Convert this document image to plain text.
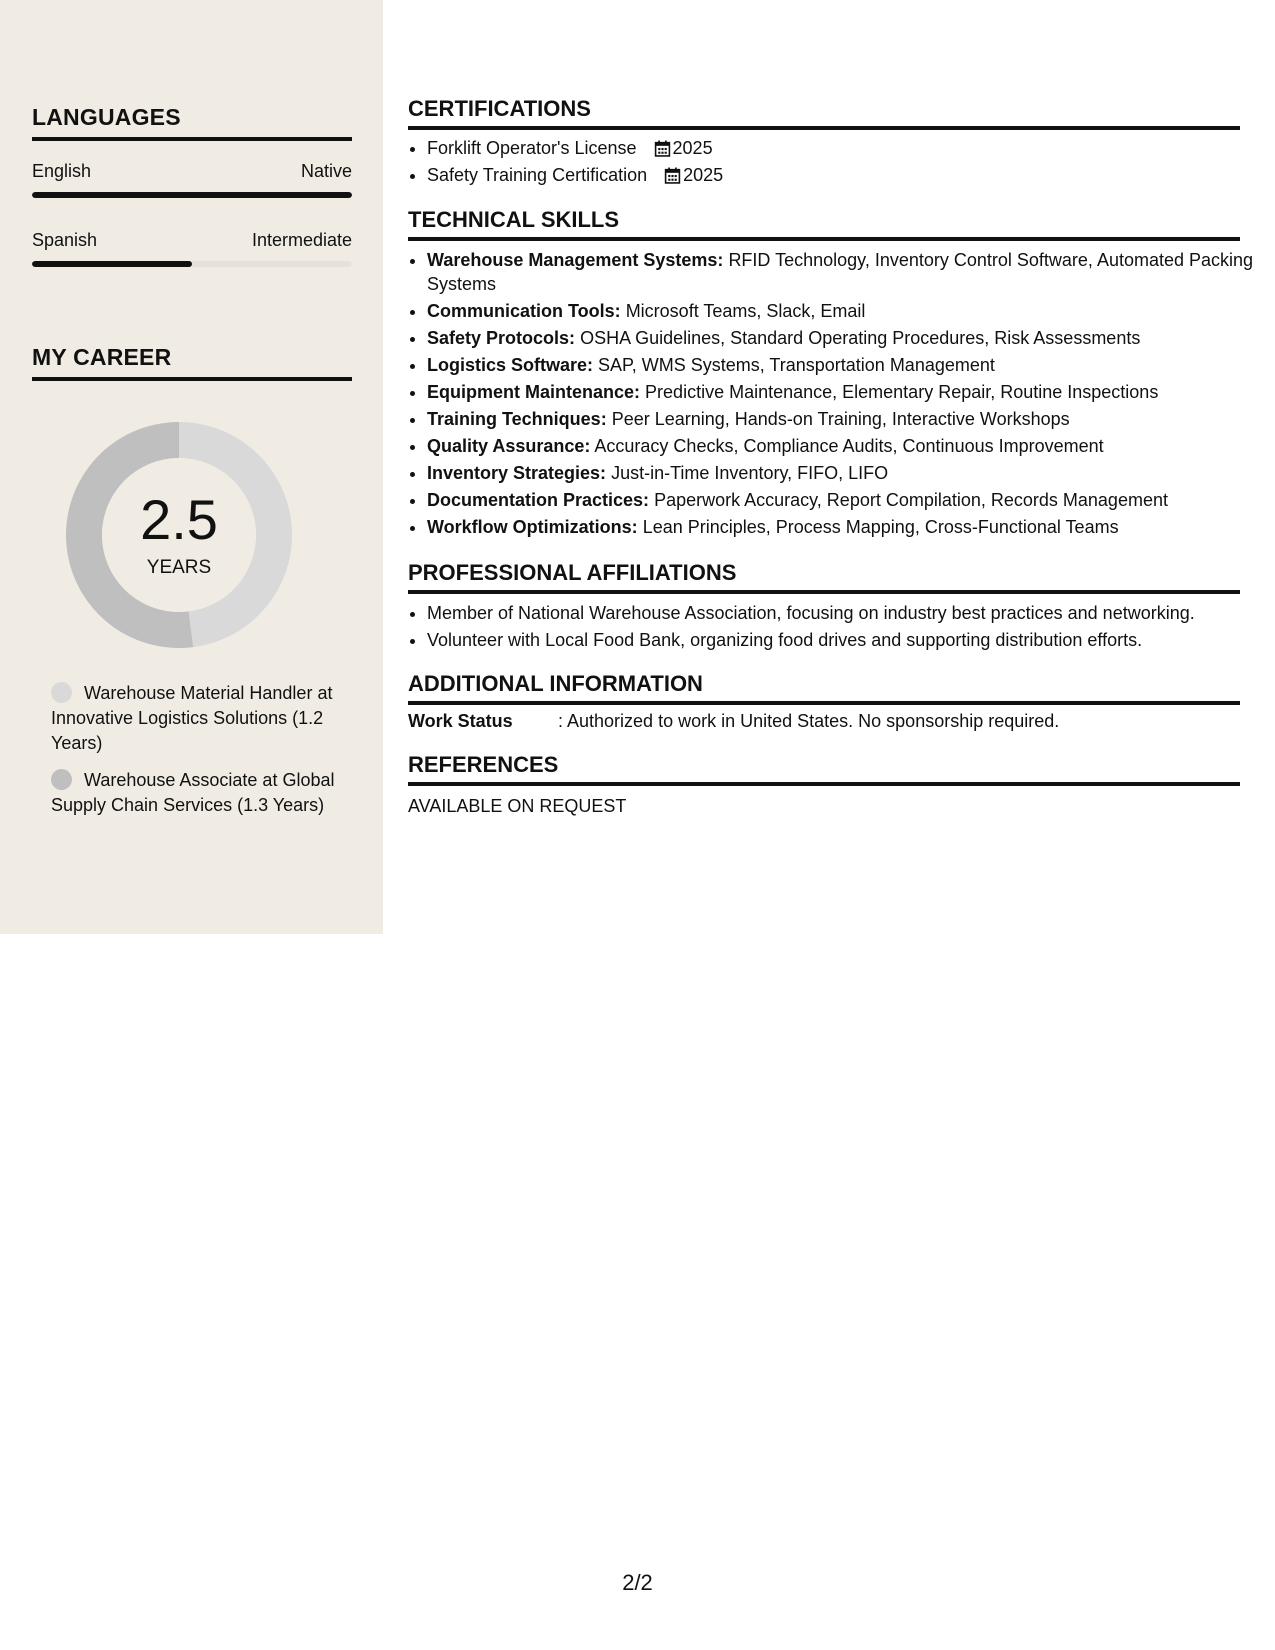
LANGUAGES
English	Native
Spanish	Intermediate
MY CAREER
2.5
YEARS
Warehouse Material Handler at Innovative Logistics Solutions (1.2 Years)
Warehouse Associate at Global Supply Chain Services (1.3 Years)
CERTIFICATIONS
• Forklift Operator's License 2025
• Safety Training Certification 2025
TECHNICAL SKILLS
• Warehouse Management Systems: RFID Technology, Inventory Control Software, Automated Packing Systems
• Communication Tools: Microsoft Teams, Slack, Email
• Safety Protocols: OSHA Guidelines, Standard Operating Procedures, Risk Assessments
• Logistics Software: SAP, WMS Systems, Transportation Management
• Equipment Maintenance: Predictive Maintenance, Elementary Repair, Routine Inspections
• Training Techniques: Peer Learning, Hands-on Training, Interactive Workshops
• Quality Assurance: Accuracy Checks, Compliance Audits, Continuous Improvement
• Inventory Strategies: Just-in-Time Inventory, FIFO, LIFO
• Documentation Practices: Paperwork Accuracy, Report Compilation, Records Management
• Workflow Optimizations: Lean Principles, Process Mapping, Cross-Functional Teams
PROFESSIONAL AFFILIATIONS
• Member of National Warehouse Association, focusing on industry best practices and networking.
• Volunteer with Local Food Bank, organizing food drives and supporting distribution efforts.
ADDITIONAL INFORMATION
Work Status	: Authorized to work in United States. No sponsorship required.
REFERENCES
AVAILABLE ON REQUEST
2/2
